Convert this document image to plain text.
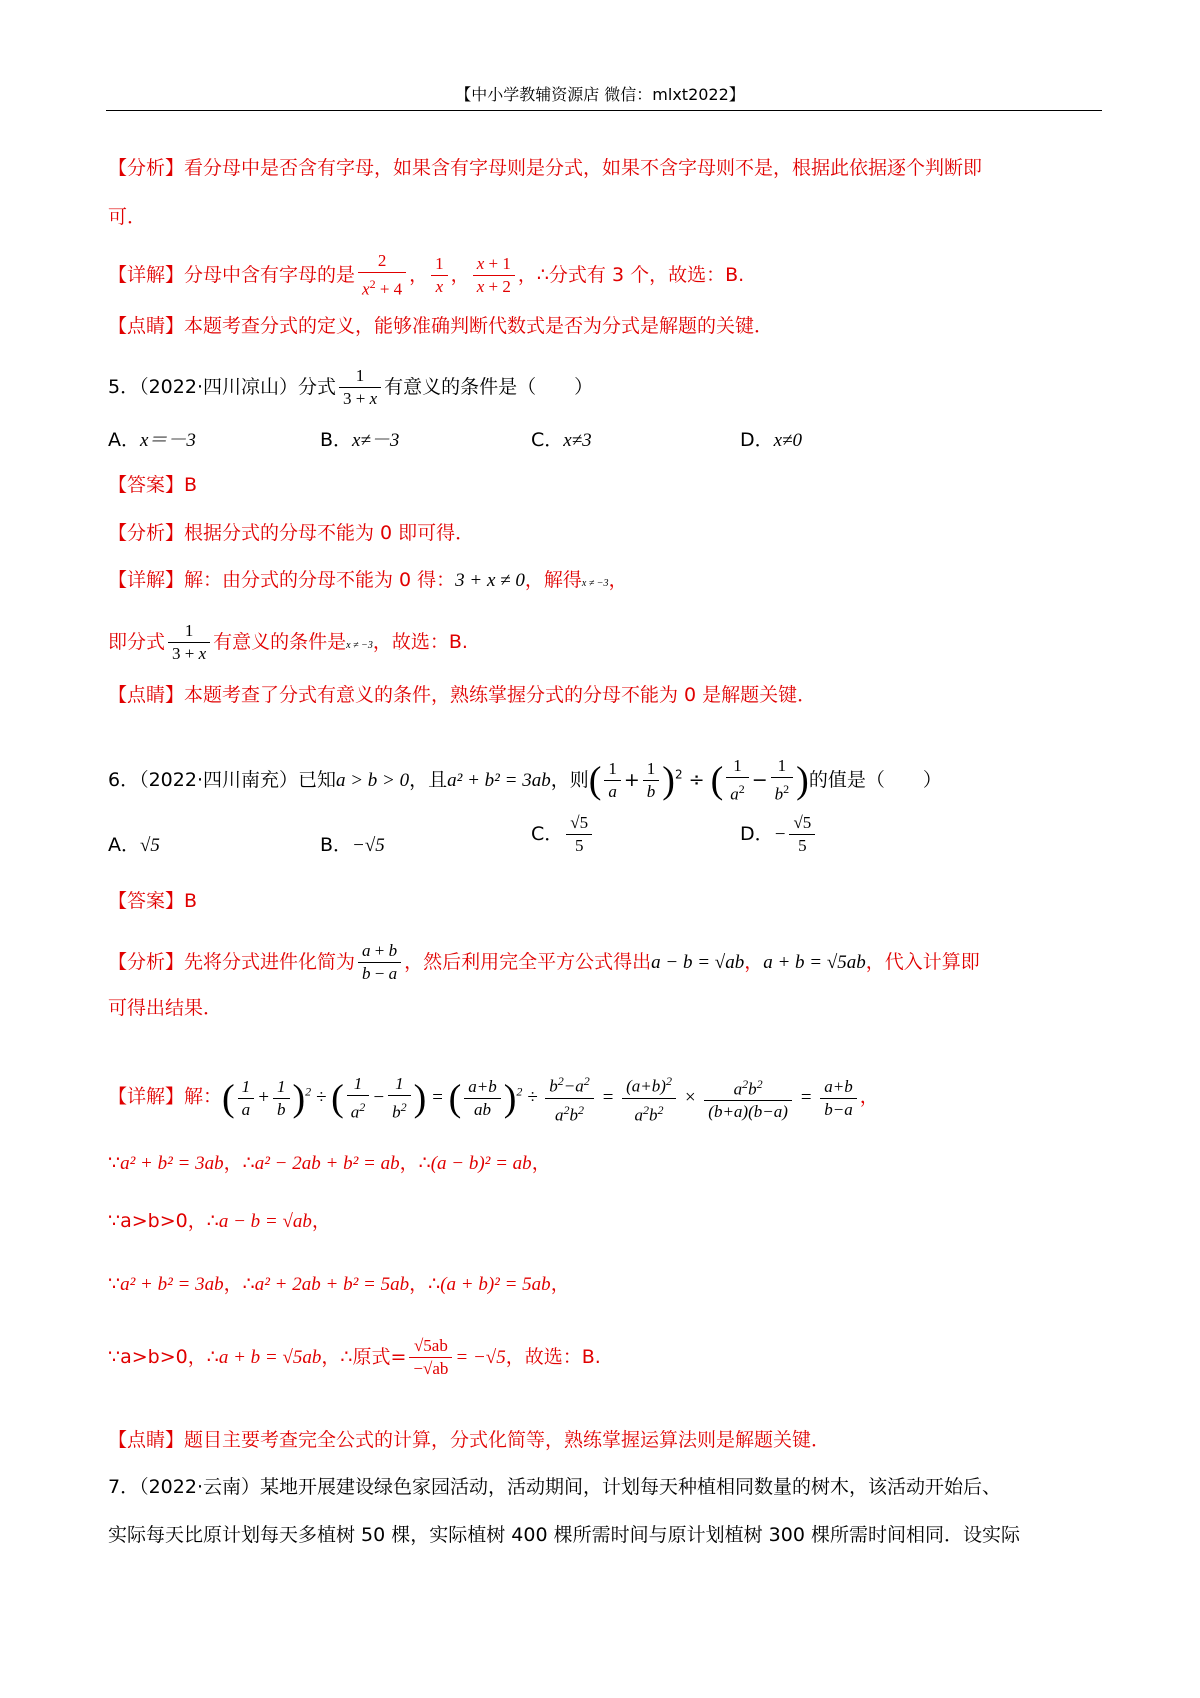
【中小学教辅资源店 微信：mlxt2022】
【分析】看分母中是否含有字母，如果含有字母则是分式，如果不含字母则不是，根据此依据逐个判断即
可．
【详解】分母中含有字母的是 $\frac{2}{x^2 + 4}$ ， $\frac{1}{x}$ ， $\frac{x + 1}{x + 2}$ ，∴分式有 3 个，故选：B.
【点睛】本题考查分式的定义，能够准确判断代数式是否为分式是解题的关键．
5．（2022·四川凉山）分式 $\frac{1}{3 + x}$ 有意义的条件是（　　）
A．x＝－3	B．x≠－3	C．x≠3	D．x≠0
【答案】B
【分析】根据分式的分母不能为 0 即可得．
【详解】解：由分式的分母不能为 0 得：3 + x ≠ 0，解得x ≠ −3，
即分式 $\frac{1}{3 + x}$ 有意义的条件是x ≠ −3，故选：B.
【点睛】本题考查了分式有意义的条件，熟练掌握分式的分母不能为 0 是解题关键．
6．（2022·四川南充）已知a > b > 0，且a² + b² = 3ab，则( $\frac{1}{a} + \frac{1}{b} )^2$ ÷ ( $\frac{1}{a^2} - \frac{1}{b^2}$ )的值是（　　）
A．√5	B．−√5
C． $\frac{√5}{5}$	D．− $\frac{√5}{5}$
【答案】B
【分析】先将分式进件化简为 $\frac{a + b}{b - a}$ ，然后利用完全平方公式得出a − b = √ab，a + b = √5ab，代入计算即
可得出结果．
【详解】解：( $\frac{1}{a} + \frac{1}{b} )^2$ ÷ ( $\frac{1}{a^2} - \frac{1}{b^2}$ ) = ( $\frac{a+b}{ab} )^2 \div \frac{b^2-a^2}{a^2b^2} = \frac{(a+b)^2}{a^2b^2} \times \frac{a^2b^2}{(b+a)(b-a)} = \frac{a+b}{b-a}$ ，
∵a² + b² = 3ab，∴a² − 2ab + b² = ab，∴(a − b)² = ab，
∵a>b>0，∴a − b = √ab，
∵a² + b² = 3ab，∴a² + 2ab + b² = 5ab，∴(a + b)² = 5ab，
∵a>b>0，∴a + b = √5ab，∴原式= $\frac{√5ab}{-√ab} = -√5$，故选：B.
【点睛】题目主要考查完全公式的计算，分式化简等，熟练掌握运算法则是解题关键．
7．（2022·云南）某地开展建设绿色家园活动，活动期间，计划每天种植相同数量的树木，该活动开始后、
实际每天比原计划每天多植树 50 棵，实际植树 400 棵所需时间与原计划植树 300 棵所需时间相同．设实际
